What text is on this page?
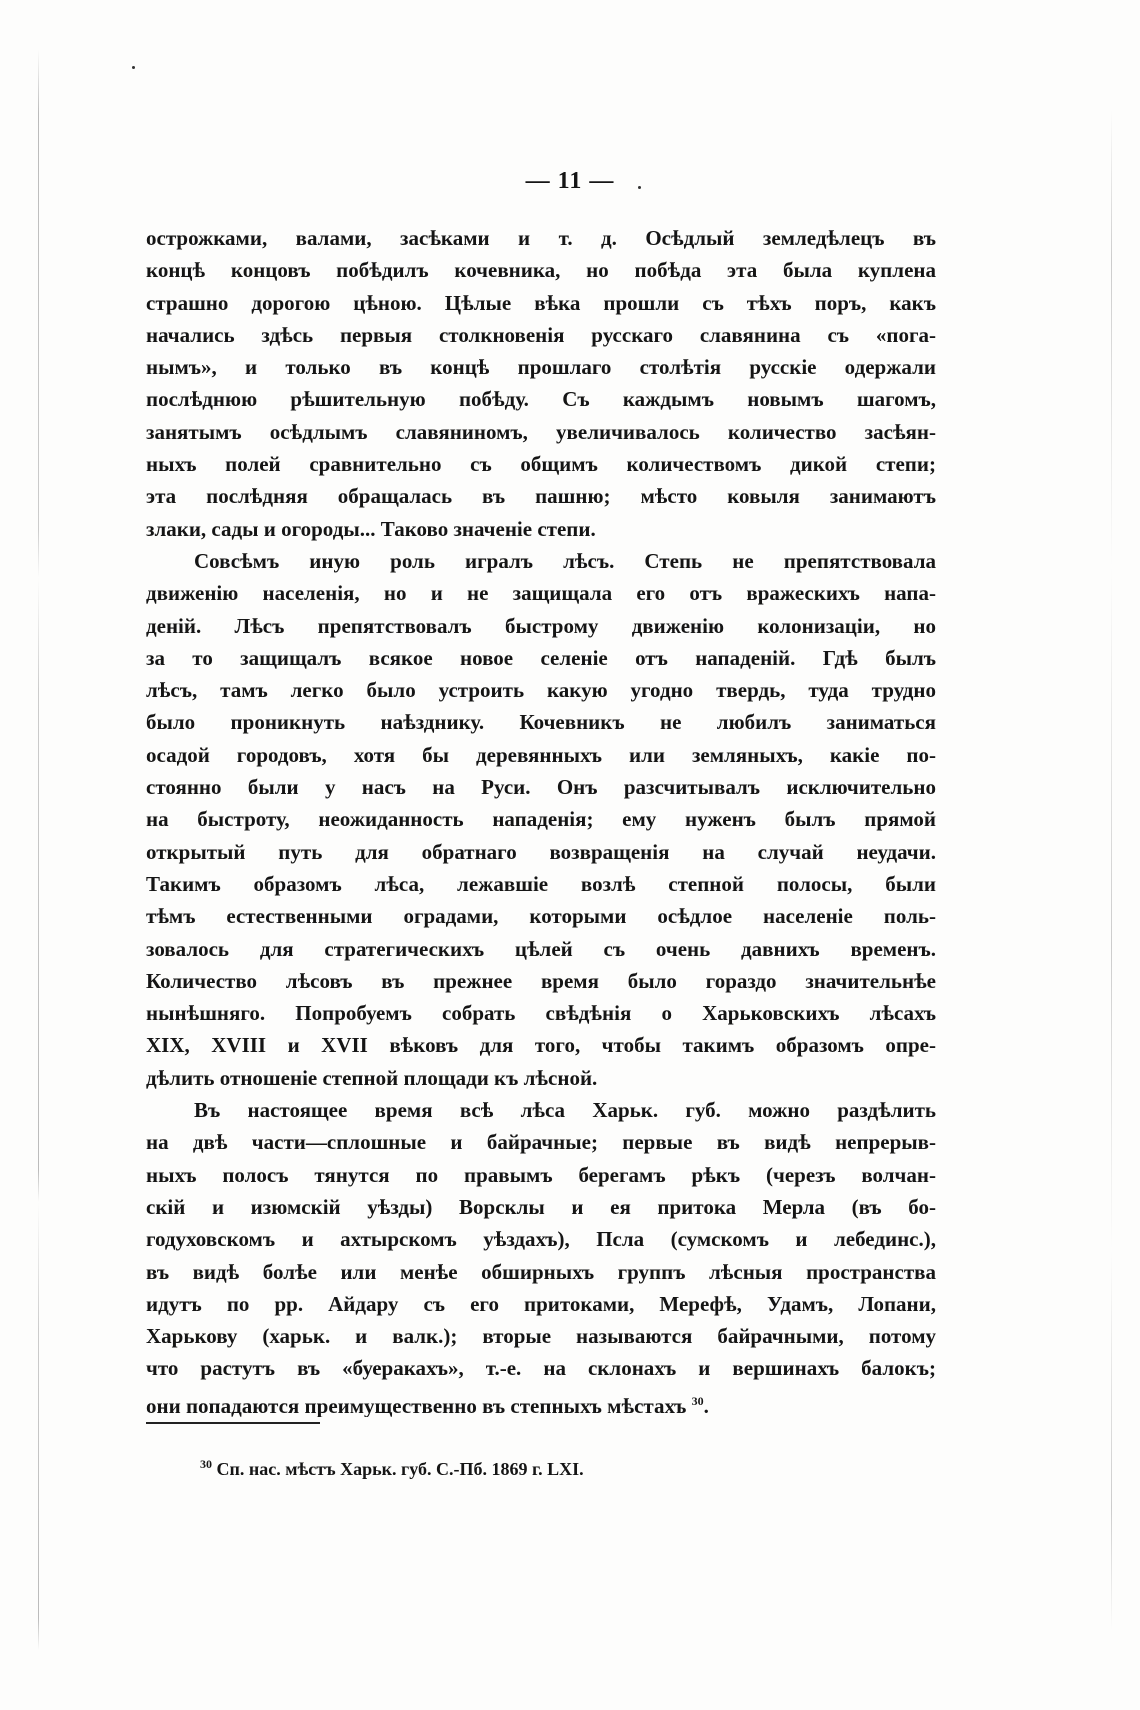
— 11 —
острожками, валами, засѣками и т. д. Осѣдлый земледѣлецъ въ
концѣ концовъ побѣдилъ кочевника, но побѣда эта была куплена
страшно дорогою цѣною. Цѣлые вѣка прошли съ тѣхъ поръ, какъ
начались здѣсь первыя столкновенія русскаго славянина съ «пога-
нымъ», и только въ концѣ прошлаго столѣтія русскіе одержали
послѣднюю рѣшительную побѣду. Съ каждымъ новымъ шагомъ,
занятымъ осѣдлымъ славяниномъ, увеличивалось количество засѣян-
ныхъ полей сравнительно съ общимъ количествомъ дикой степи;
эта послѣдняя обращалась въ пашню; мѣсто ковыля занимаютъ
злаки, сады и огороды... Таково значеніе степи.
Совсѣмъ иную роль игралъ лѣсъ. Степь не препятствовала
движенію населенія, но и не защищала его отъ вражескихъ напа-
деній. Лѣсъ препятствовалъ быстрому движенію колонизаціи, но
за то защищалъ всякое новое селеніе отъ нападеній. Гдѣ былъ
лѣсъ, тамъ легко было устроить какую угодно твердь, туда трудно
было проникнуть наѣзднику. Кочевникъ не любилъ заниматься
осадой городовъ, хотя бы деревянныхъ или земляныхъ, какіе по-
стоянно были у насъ на Руси. Онъ разсчитывалъ исключительно
на быстроту, неожиданность нападенія; ему нуженъ былъ прямой
открытый путь для обратнаго возвращенія на случай неудачи.
Такимъ образомъ лѣса, лежавшіе возлѣ степной полосы, были
тѣмъ естественными оградами, которыми осѣдлое населеніе поль-
зовалось для стратегическихъ цѣлей съ очень давнихъ временъ.
Количество лѣсовъ въ прежнее время было гораздо значительнѣе
нынѣшняго. Попробуемъ собрать свѣдѣнія о Харьковскихъ лѣсахъ
XIX, XVIII и XVII вѣковъ для того, чтобы такимъ образомъ опре-
дѣлить отношеніе степной площади къ лѣсной.
Въ настоящее время всѣ лѣса Харьк. губ. можно раздѣлить
на двѣ части—сплошные и байрачные; первые въ видѣ непрерыв-
ныхъ полосъ тянутся по правымъ берегамъ рѣкъ (черезъ волчан-
скій и изюмскій уѣзды) Ворсклы и ея притока Мерла (въ бо-
годуховскомъ и ахтырскомъ уѣздахъ), Псла (сумскомъ и лебединс.),
въ видѣ болѣе или менѣе обширныхъ группъ лѣсныя пространства
идутъ по рр. Айдару съ его притоками, Мерефѣ, Удамъ, Лопани,
Харькову (харьк. и валк.); вторые называются байрачными, потому
что растутъ въ «буеракахъ», т.-е. на склонахъ и вершинахъ балокъ;
они попадаются преимущественно въ степныхъ мѣстахъ $^{30}$.
$^{30}$ Сп. нас. мѣстъ Харьк. губ. С.-Пб. 1869 г. LXI.
